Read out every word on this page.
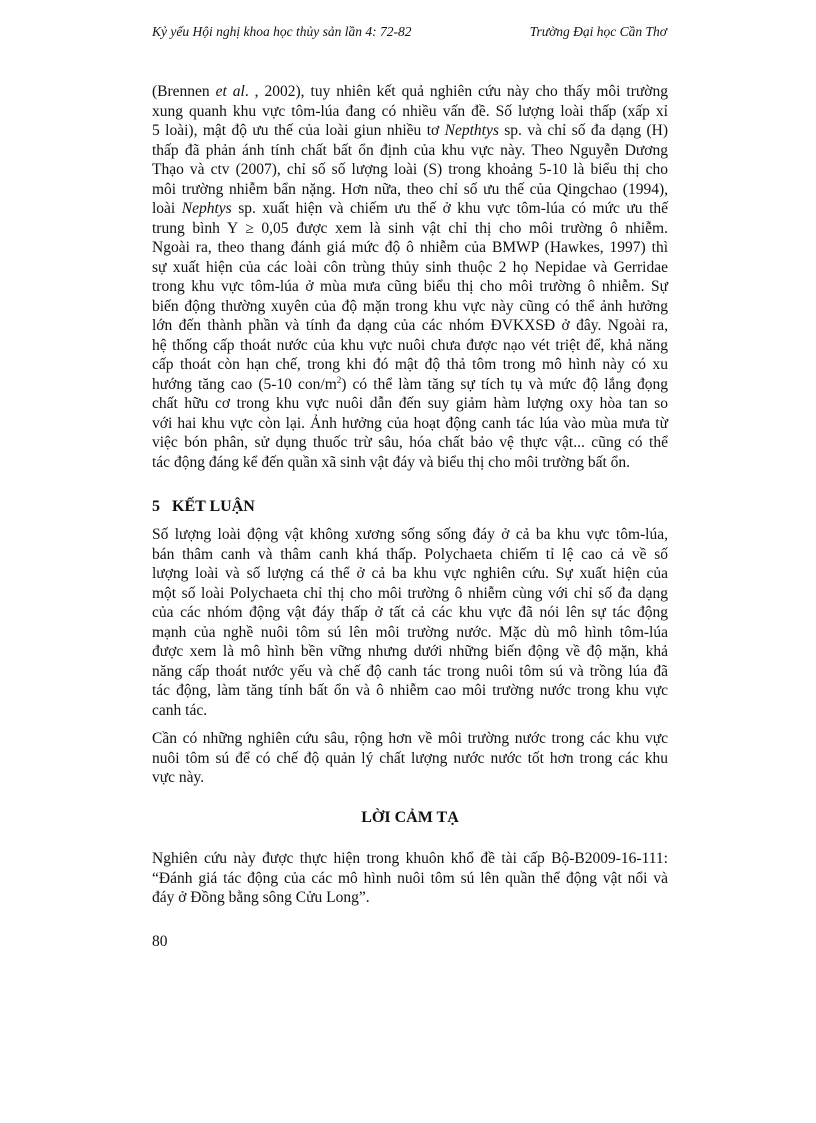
Kỷ yếu Hội nghị khoa học thủy sản lần 4: 72-82	Trường Đại học Cần Thơ
(Brennen et al. , 2002), tuy nhiên kết quả nghiên cứu này cho thấy môi trường
xung quanh khu vực tôm-lúa đang có nhiều vấn đề. Số lượng loài thấp (xấp xỉ
5 loài), mật độ ưu thế của loài giun nhiều tơ Nepthtys sp. và chỉ số đa dạng (H)
thấp đã phản ánh tính chất bất ổn định của khu vực này. Theo Nguyễn Dương
Thạo và ctv (2007), chỉ số số lượng loài (S) trong khoảng 5-10 là biểu thị cho
môi trường nhiễm bẩn nặng. Hơn nữa, theo chỉ số ưu thế của Qingchao (1994),
loài Nephtys sp. xuất hiện và chiếm ưu thế ở khu vực tôm-lúa có mức ưu thế
trung bình Y ≥ 0,05 được xem là sinh vật chỉ thị cho môi trường ô nhiễm.
Ngoài ra, theo thang đánh giá mức độ ô nhiễm của BMWP (Hawkes, 1997) thì
sự xuất hiện của các loài côn trùng thủy sinh thuộc 2 họ Nepidae và Gerridae
trong khu vực tôm-lúa ở mùa mưa cũng biểu thị cho môi trường ô nhiễm. Sự
biến động thường xuyên của độ mặn trong khu vực này cũng có thể ảnh hưởng
lớn đến thành phần và tính đa dạng của các nhóm ĐVKXSĐ ở đây. Ngoài ra,
hệ thống cấp thoát nước của khu vực nuôi chưa được nạo vét triệt để, khả năng
cấp thoát còn hạn chế, trong khi đó mật độ thả tôm trong mô hình này có xu
hướng tăng cao (5-10 con/$m^2$) có thể làm tăng sự tích tụ và mức độ lắng đọng
chất hữu cơ trong khu vực nuôi dẫn đến suy giảm hàm lượng oxy hòa tan so
với hai khu vực còn lại. Ảnh hưởng của hoạt động canh tác lúa vào mùa mưa từ
việc bón phân, sử dụng thuốc trừ sâu, hóa chất bảo vệ thực vật... cũng có thể
tác động đáng kể đến quần xã sinh vật đáy và biểu thị cho môi trường bất ổn.
5   KẾT LUẬN
Số lượng loài động vật không xương sống sống đáy ở cả ba khu vực tôm-lúa,
bán thâm canh và thâm canh khá thấp. Polychaeta chiếm tỉ lệ cao cả về số
lượng loài và số lượng cá thể ở cả ba khu vực nghiên cứu. Sự xuất hiện của
một số loài Polychaeta chỉ thị cho môi trường ô nhiễm cùng với chỉ số đa dạng
của các nhóm động vật đáy thấp ở tất cả các khu vực đã nói lên sự tác động
mạnh của nghề nuôi tôm sú lên môi trường nước. Mặc dù mô hình tôm-lúa
được xem là mô hình bền vững nhưng dưới những biến động về độ mặn, khả
năng cấp thoát nước yếu và chế độ canh tác trong nuôi tôm sú và trồng lúa đã
tác động, làm tăng tính bất ổn và ô nhiễm cao môi trường nước trong khu vực
canh tác.
Cần có những nghiên cứu sâu, rộng hơn về môi trường nước trong các khu vực
nuôi tôm sú để có chế độ quản lý chất lượng nước nước tốt hơn trong các khu
vực này.
LỜI CẢM TẠ
Nghiên cứu này được thực hiện trong khuôn khổ đề tài cấp Bộ-B2009-16-111:
“Đánh giá tác động của các mô hình nuôi tôm sú lên quần thể động vật nổi và
đáy ở Đồng bằng sông Cửu Long”.
80
